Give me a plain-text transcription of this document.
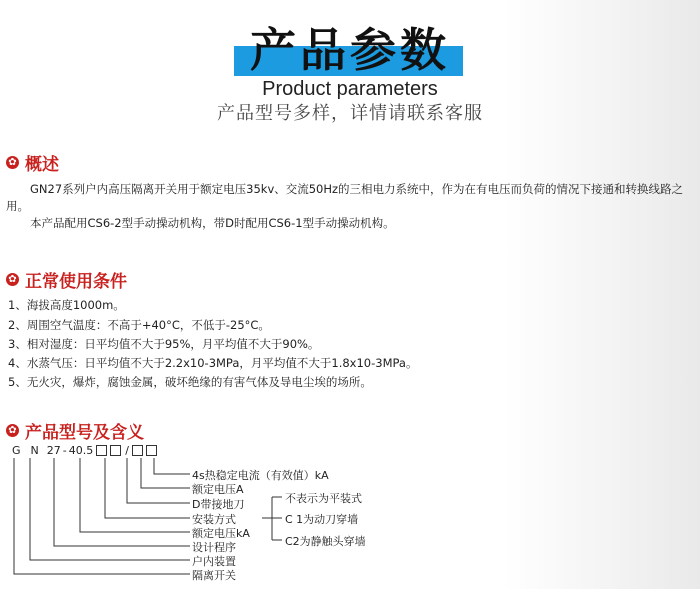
产品参数
Product parameters
产品型号多样，详情请联系客服
✿ 概述
GN27系列户内高压隔离开关用于额定电压35kv、交流50Hz的三相电力系统中，作为在有电压而负荷的情况下接通和转换线路之
用。
本产品配用CS6-2型手动操动机构，带D时配用CS6-1型手动操动机构。
✿ 正常使用条件
1、海拔高度1000m。
2、周围空气温度：不高于+40°C，不低于-25°C。
3、相对湿度：日平均值不大于95%，月平均值不大于90%。
4、水蒸气压：日平均值不大于2.2x10-3MPa，月平均值不大于1.8x10-3MPa。
5、无火灾，爆炸，腐蚀金属，破坏绝缘的有害气体及导电尘埃的场所。
✿ 产品型号及含义
G N 27 - 40.5	/
4s热稳定电流（有效值）kA
额定电压A
D带接地刀
安装方式
额定电压kA
设计程序
户内装置
隔离开关
不表示为平装式
C 1为动刀穿墙
C2为静触头穿墙
